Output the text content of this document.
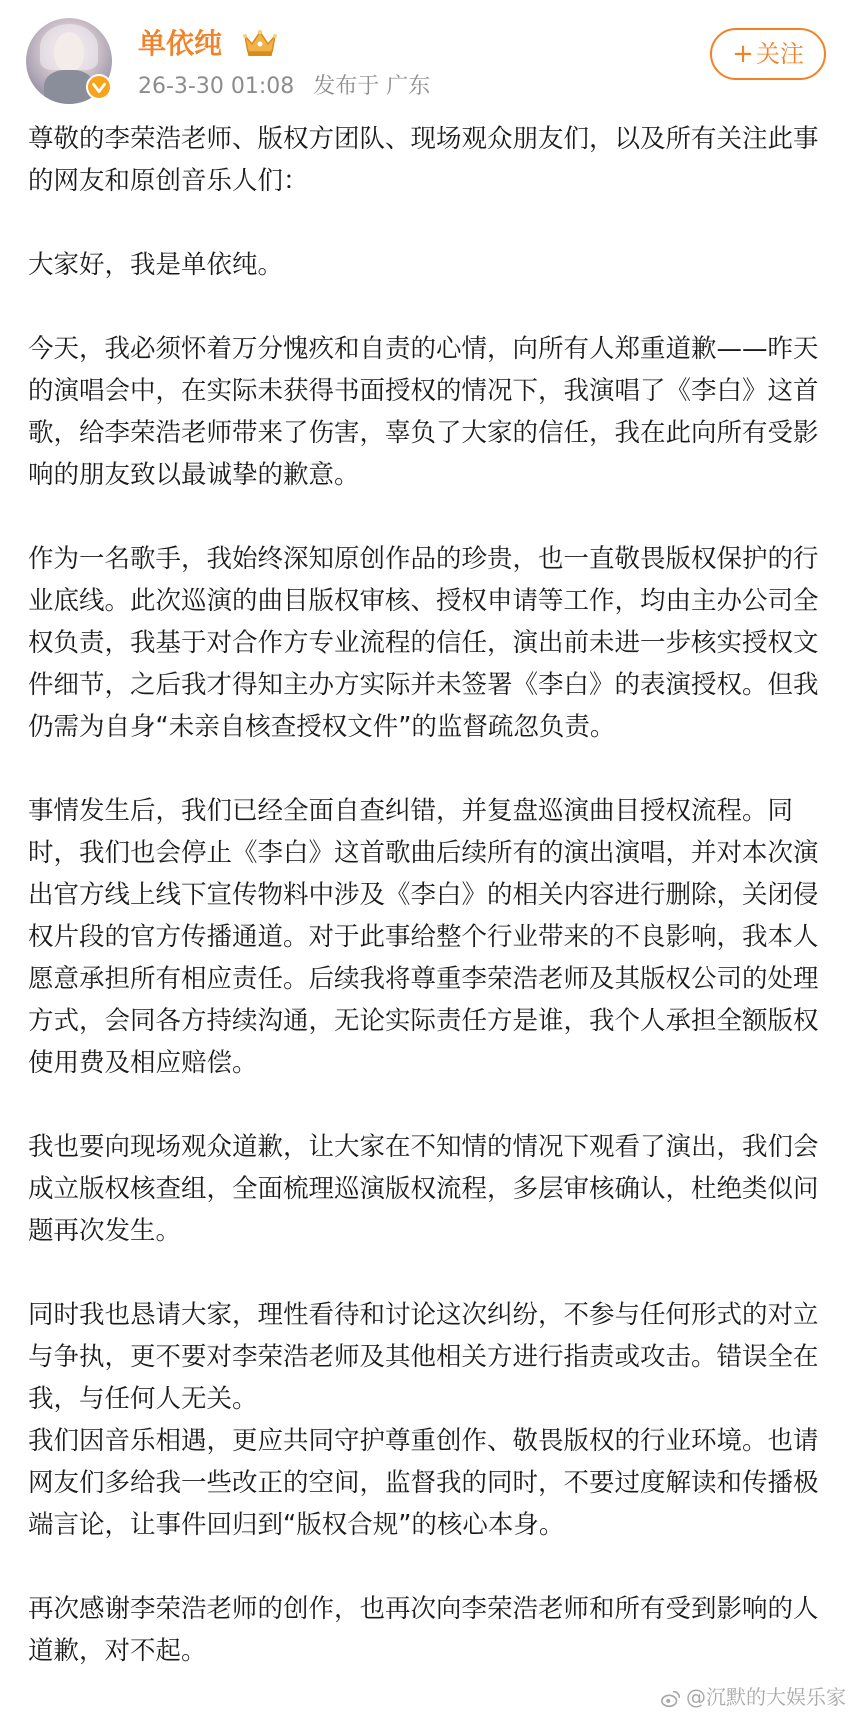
单依纯
26-3-30 01:08 发布于 广东
+关注

尊敬的李荣浩老师、版权方团队、现场观众朋友们，以及所有关注此事的网友和原创音乐人们：

大家好，我是单依纯。

今天，我必须怀着万分愧疚和自责的心情，向所有人郑重道歉——昨天的演唱会中，在实际未获得书面授权的情况下，我演唱了《李白》这首歌，给李荣浩老师带来了伤害，辜负了大家的信任，我在此向所有受影响的朋友致以最诚挚的歉意。

作为一名歌手，我始终深知原创作品的珍贵，也一直敬畏版权保护的行业底线。此次巡演的曲目版权审核、授权申请等工作，均由主办公司全权负责，我基于对合作方专业流程的信任，演出前未进一步核实授权文件细节，之后我才得知主办方实际并未签署《李白》的表演授权。但我仍需为自身“未亲自核查授权文件”的监督疏忽负责。

事情发生后，我们已经全面自查纠错，并复盘巡演曲目授权流程。同时，我们也会停止《李白》这首歌曲后续所有的演出演唱，并对本次演出官方线上线下宣传物料中涉及《李白》的相关内容进行删除，关闭侵权片段的官方传播通道。对于此事给整个行业带来的不良影响，我本人愿意承担所有相应责任。后续我将尊重李荣浩老师及其版权公司的处理方式，会同各方持续沟通，无论实际责任方是谁，我个人承担全额版权使用费及相应赔偿。

我也要向现场观众道歉，让大家在不知情的情况下观看了演出，我们会成立版权核查组，全面梳理巡演版权流程，多层审核确认，杜绝类似问题再次发生。

同时我也恳请大家，理性看待和讨论这次纠纷，不参与任何形式的对立与争执，更不要对李荣浩老师及其他相关方进行指责或攻击。错误全在我，与任何人无关。

我们因音乐相遇，更应共同守护尊重创作、敬畏版权的行业环境。也请网友们多给我一些改正的空间，监督我的同时，不要过度解读和传播极端言论，让事件回归到“版权合规”的核心本身。

再次感谢李荣浩老师的创作，也再次向李荣浩老师和所有受到影响的人道歉，对不起。

@沉默的大娱乐家
